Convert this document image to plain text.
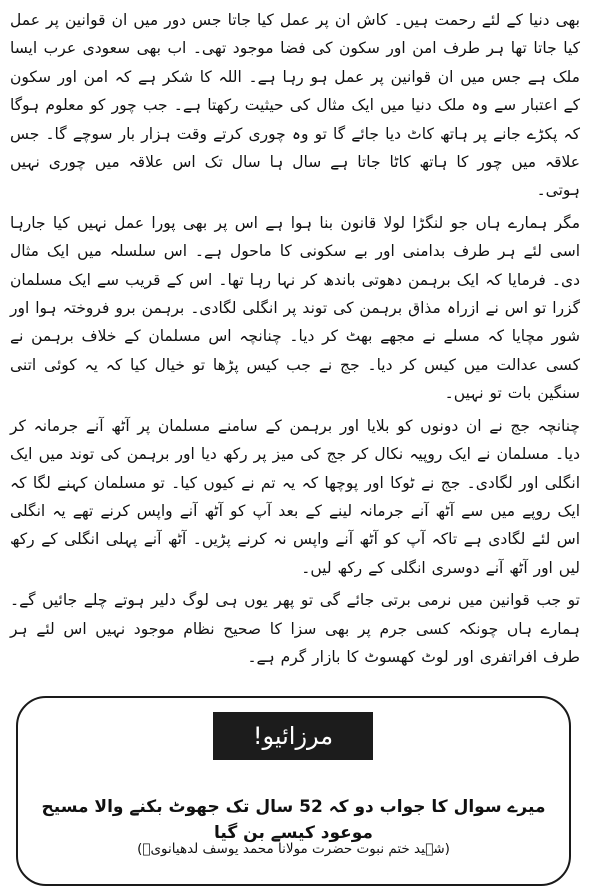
بھی دنیا کے لئے رحمت ہیں۔ کاش ان پر عمل کیا جاتا جس دور میں ان قوانین پر عمل کیا جاتا تھا ہر طرف امن اور سکون کی فضا موجود تھی۔ اب بھی سعودی عرب ایسا ملک ہے جس میں ان قوانین پر عمل ہو رہا ہے۔ اللہ کا شکر ہے کہ امن اور سکون کے اعتبار سے وہ ملک دنیا میں ایک مثال کی حیثیت رکھتا ہے۔ جب چور کو معلوم ہوگا کہ پکڑے جانے پر ہاتھ کاٹ دیا جائے گا تو وہ چوری کرتے وقت ہزار بار سوچے گا۔ جس علاقہ میں چور کا ہاتھ کاٹا جاتا ہے سال ہا سال تک اس علاقہ میں چوری نہیں ہوتی۔

مگر ہمارے ہاں جو لنگڑا لولا قانون بنا ہوا ہے اس پر بھی پورا عمل نہیں کیا جارہا اسی لئے ہر طرف بدامنی اور بے سکونی کا ماحول ہے۔ اس سلسلہ میں ایک مثال دی۔ فرمایا کہ ایک برہمن دھوتی باندھ کر نہا رہا تھا۔ اس کے قریب سے ایک مسلمان گزرا تو اس نے ازراہ مذاق برہمن کی توند پر انگلی لگادی۔ برہمن برو فروختہ ہوا اور شور مچایا کہ مسلے نے مجھے بھٹ کر دیا۔ چنانچہ اس مسلمان کے خلاف برہمن نے کسی عدالت میں کیس کر دیا۔ جج نے جب کیس پڑھا تو خیال کیا کہ یہ کوئی اتنی سنگین بات تو نہیں۔

چنانچہ جج نے ان دونوں کو بلایا اور برہمن کے سامنے مسلمان پر آٹھ آنے جرمانہ کر دیا۔ مسلمان نے ایک روپیہ نکال کر جج کی میز پر رکھ دیا اور برہمن کی توند میں ایک انگلی اور لگادی۔ جج نے ٹوکا اور پوچھا کہ یہ تم نے کیوں کیا۔ تو مسلمان کہنے لگا کہ ایک روپے میں سے آٹھ آنے جرمانہ لینے کے بعد آپ کو آٹھ آنے واپس کرنے تھے یہ انگلی اس لئے لگادی ہے تاکہ آپ کو آٹھ آنے واپس نہ کرنے پڑیں۔ آٹھ آنے پہلی انگلی کے رکھ لیں اور آٹھ آنے دوسری انگلی کے رکھ لیں۔

تو جب قوانین میں نرمی برتی جائے گی تو پھر یوں ہی لوگ دلیر ہوتے چلے جائیں گے۔ ہمارے ہاں چونکہ کسی جرم پر بھی سزا کا صحیح نظام موجود نہیں اس لئے ہر طرف افراتفری اور لوٹ کھسوٹ کا بازار گرم ہے۔

مرزائیو!
میرے سوال کا جواب دو کہ 52 سال تک جھوٹ بکنے والا مسیح موعود کیسے بن گیا
(شہید ختم نبوت حضرت مولانا محمد یوسف لدھیانویؒ)
